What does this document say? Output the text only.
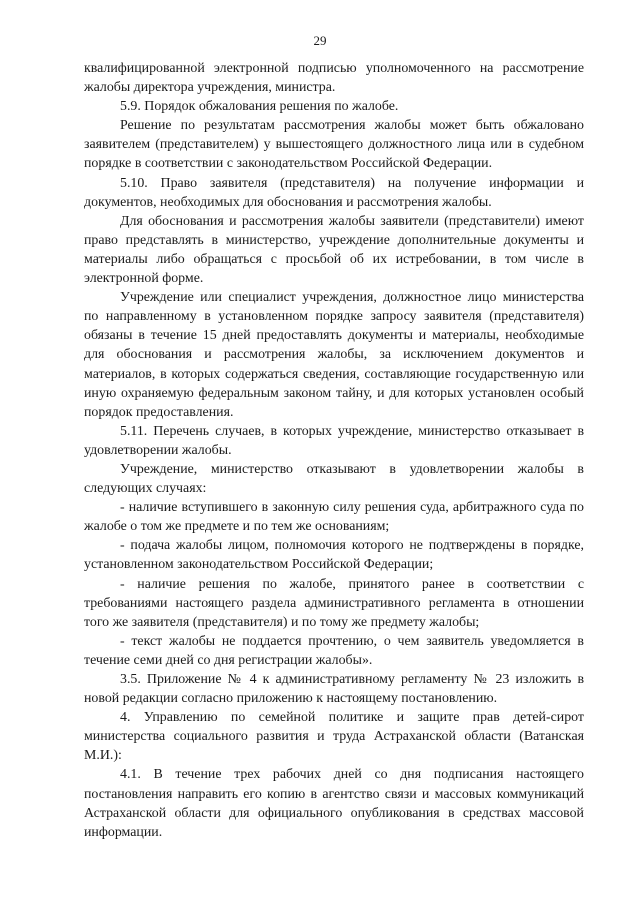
29

квалифицированной электронной подписью уполномоченного на рассмотрение жалобы директора учреждения, министра.

5.9. Порядок обжалования решения по жалобе.

Решение по результатам рассмотрения жалобы может быть обжаловано заявителем (представителем) у вышестоящего должностного лица или в судебном порядке в соответствии с законодательством Российской Федерации.

5.10. Право заявителя (представителя) на получение информации и документов, необходимых для обоснования и рассмотрения жалобы.

Для обоснования и рассмотрения жалобы заявители (представители) имеют право представлять в министерство, учреждение дополнительные документы и материалы либо обращаться с просьбой об их истребовании, в том числе в электронной форме.

Учреждение или специалист учреждения, должностное лицо министерства по направленному в установленном порядке запросу заявителя (представителя) обязаны в течение 15 дней предоставлять документы и материалы, необходимые для обоснования и рассмотрения жалобы, за исключением документов и материалов, в которых содержаться сведения, составляющие государственную или иную охраняемую федеральным законом тайну, и для которых установлен особый порядок предоставления.

5.11. Перечень случаев, в которых учреждение, министерство отказывает в удовлетворении жалобы.

Учреждение, министерство отказывают в удовлетворении жалобы в следующих случаях:

- наличие вступившего в законную силу решения суда, арбитражного суда по жалобе о том же предмете и по тем же основаниям;

- подача жалобы лицом, полномочия которого не подтверждены в порядке, установленном законодательством Российской Федерации;

- наличие решения по жалобе, принятого ранее в соответствии с требованиями настоящего раздела административного регламента в отношении того же заявителя (представителя) и по тому же предмету жалобы;

- текст жалобы не поддается прочтению, о чем заявитель уведомляется в течение семи дней со дня регистрации жалобы».

3.5. Приложение № 4 к административному регламенту № 23 изложить в новой редакции согласно приложению к настоящему постановлению.

4. Управлению по семейной политике и защите прав детей-сирот министерства социального развития и труда Астраханской области (Ватанская М.И.):

4.1. В течение трех рабочих дней со дня подписания настоящего постановления направить его копию в агентство связи и массовых коммуникаций Астраханской области для официального опубликования в средствах массовой информации.
